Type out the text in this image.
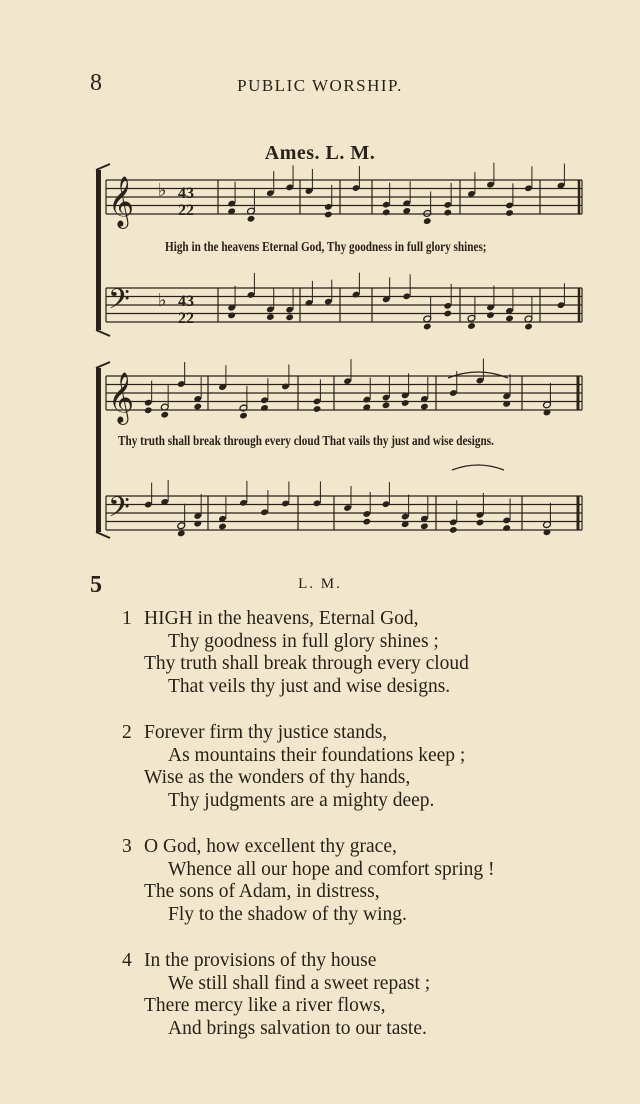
8	PUBLIC WORSHIP.
Ames. L. M.
𝄞
𝄢
43
22
43
22
♭
♭
𝄞
𝄢
High in the heavens Eternal God, Thy goodness in full glory shines;
Thy truth shall break through every cloud That vails thy just and wise designs.
5	L. M.
1 HIGH in the heavens, Eternal God,
Thy goodness in full glory shines ;
Thy truth shall break through every cloud
That veils thy just and wise designs.
2 Forever firm thy justice stands,
As mountains their foundations keep ;
Wise as the wonders of thy hands,
Thy judgments are a mighty deep.
3 O God, how excellent thy grace,
Whence all our hope and comfort spring !
The sons of Adam, in distress,
Fly to the shadow of thy wing.
4 In the provisions of thy house
We still shall find a sweet repast ;
There mercy like a river flows,
And brings salvation to our taste.
